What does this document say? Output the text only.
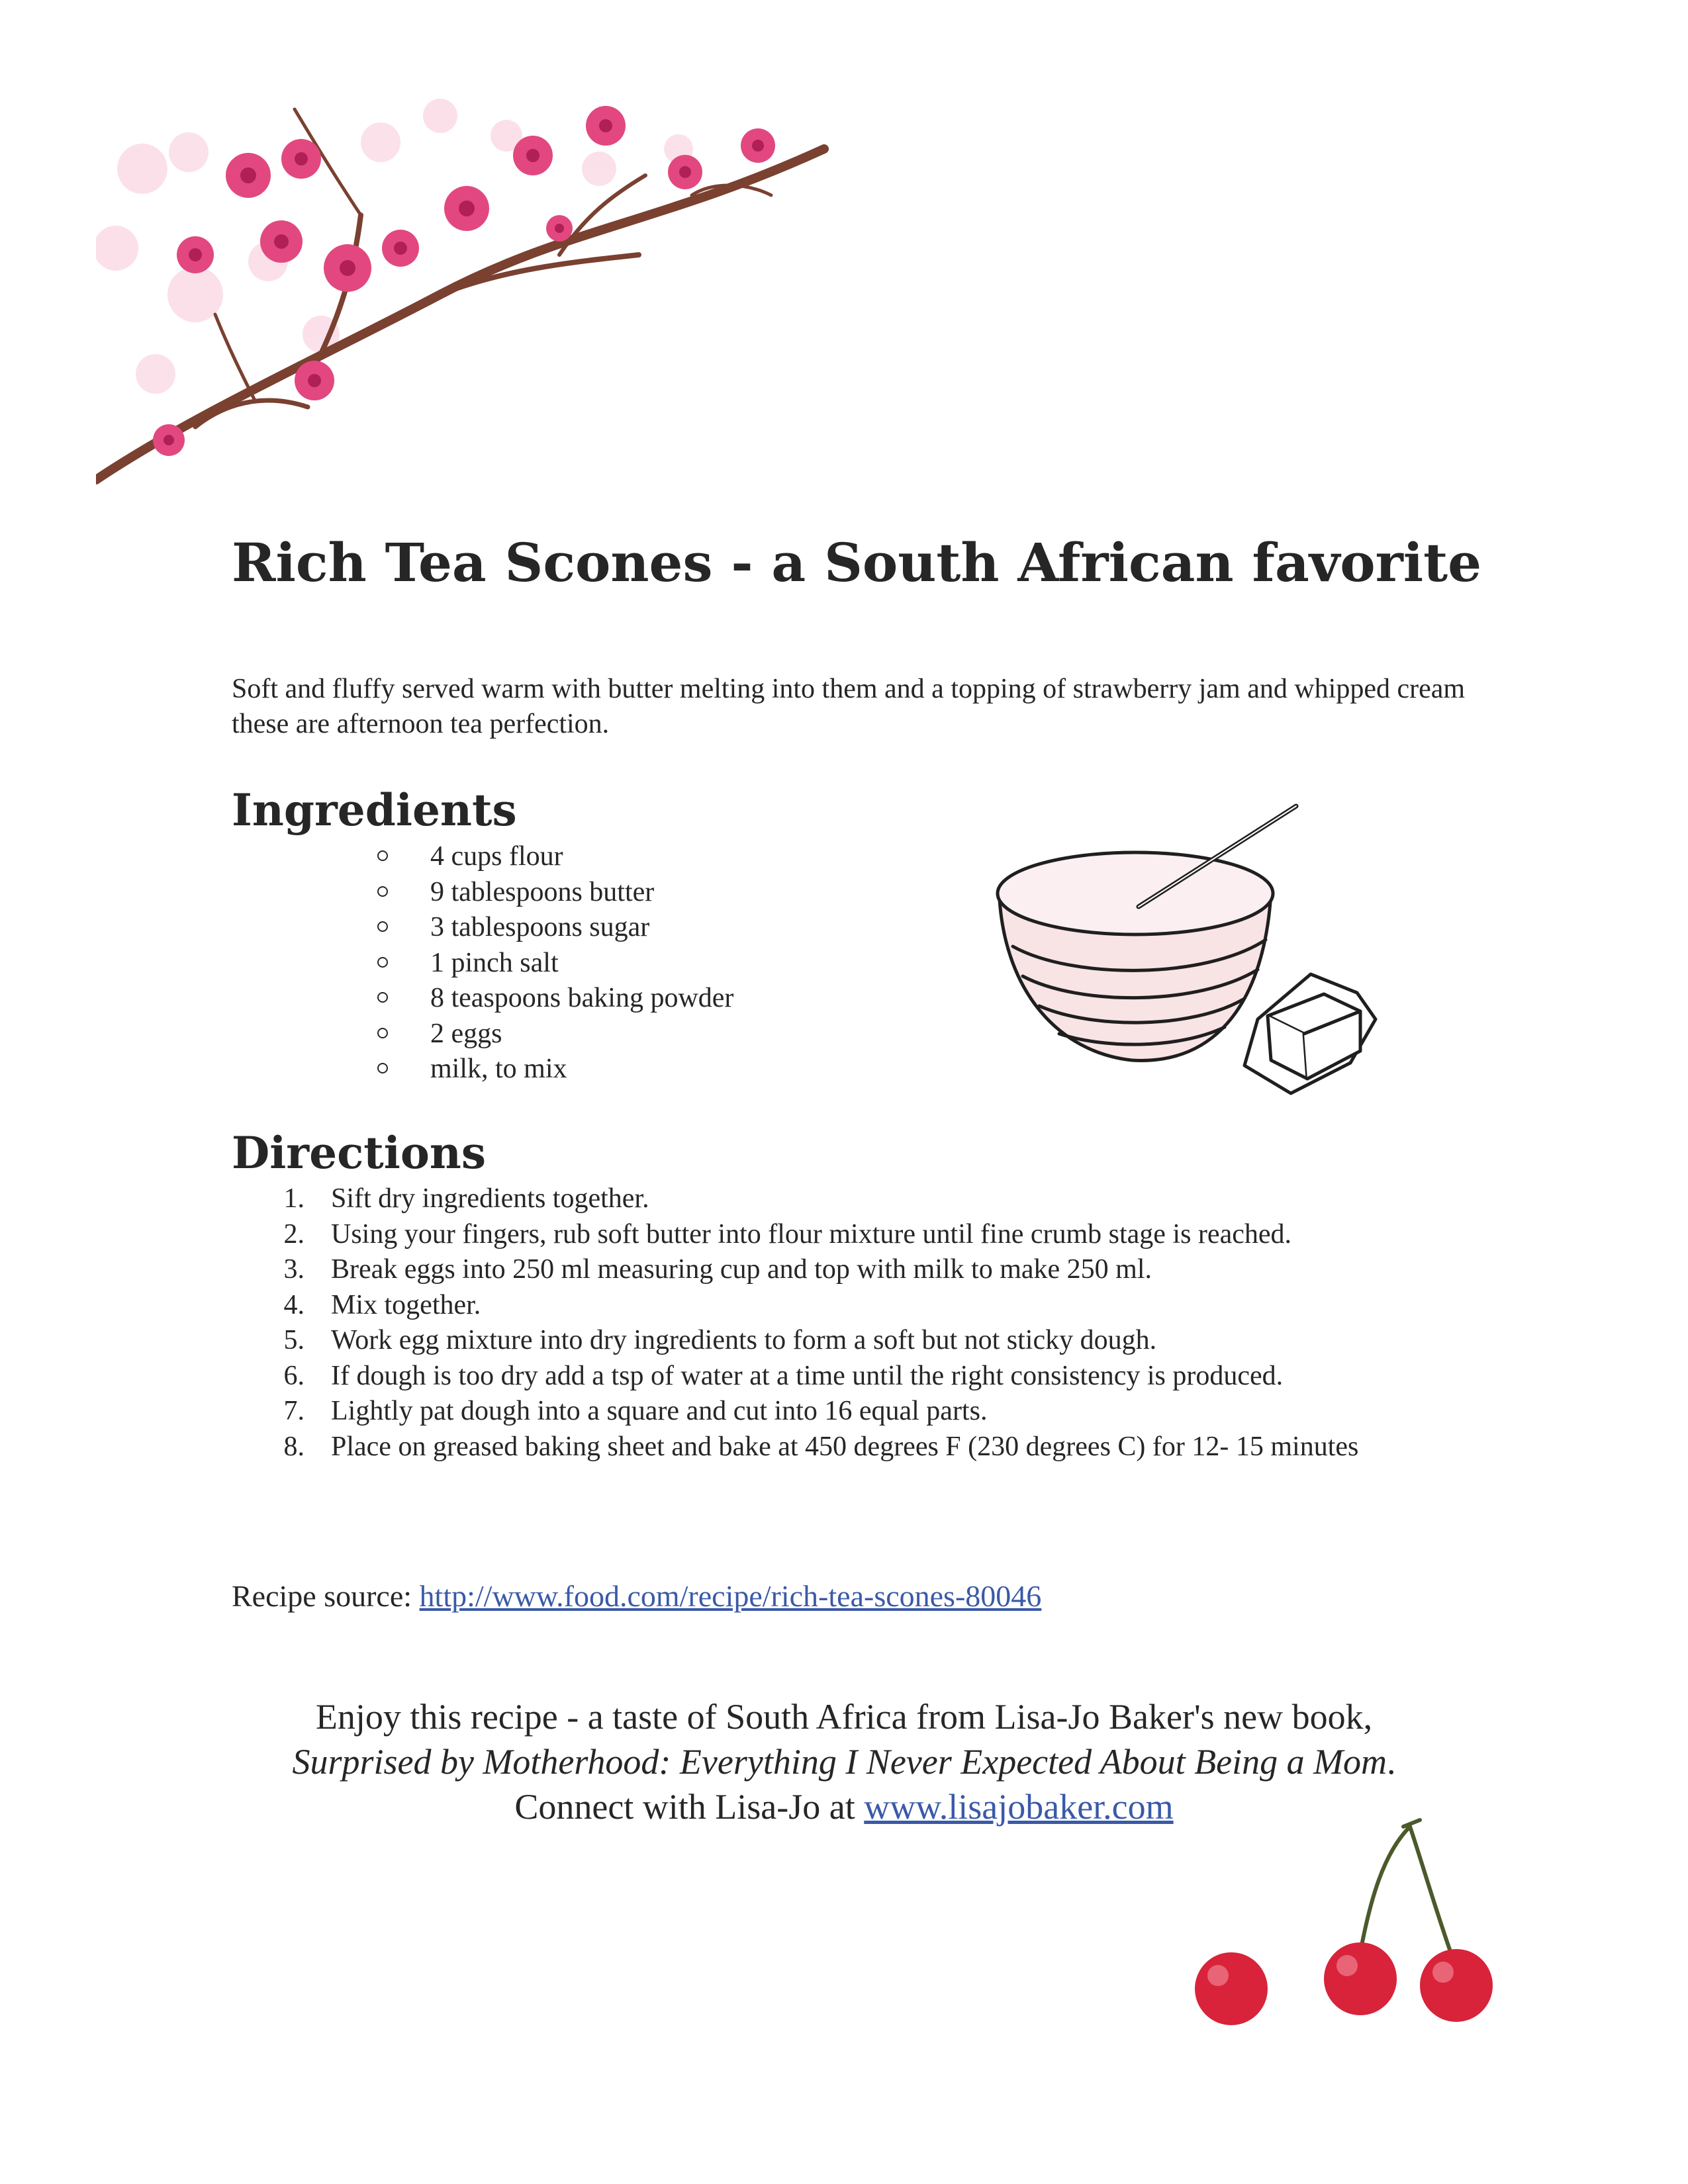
Rich Tea Scones - a South African favorite

Soft and fluffy served warm with butter melting into them and a topping of strawberry jam and whipped cream these are afternoon tea perfection.

Ingredients
4 cups flour
9 tablespoons butter
3 tablespoons sugar
1 pinch salt
8 teaspoons baking powder
2 eggs
milk, to mix
Directions
1. Sift dry ingredients together.
2. Using your fingers, rub soft butter into flour mixture until fine crumb stage is reached.
3. Break eggs into 250 ml measuring cup and top with milk to make 250 ml.
4. Mix together.
5. Work egg mixture into dry ingredients to form a soft but not sticky dough.
6. If dough is too dry add a tsp of water at a time until the right consistency is produced.
7. Lightly pat dough into a square and cut into 16 equal parts.
8. Place on greased baking sheet and bake at 450 degrees F (230 degrees C) for 12- 15 minutes

Recipe source: http://www.food.com/recipe/rich-tea-scones-80046

Enjoy this recipe - a taste of South Africa from Lisa-Jo Baker's new book,
Surprised by Motherhood: Everything I Never Expected About Being a Mom.
Connect with Lisa-Jo at www.lisajobaker.com
